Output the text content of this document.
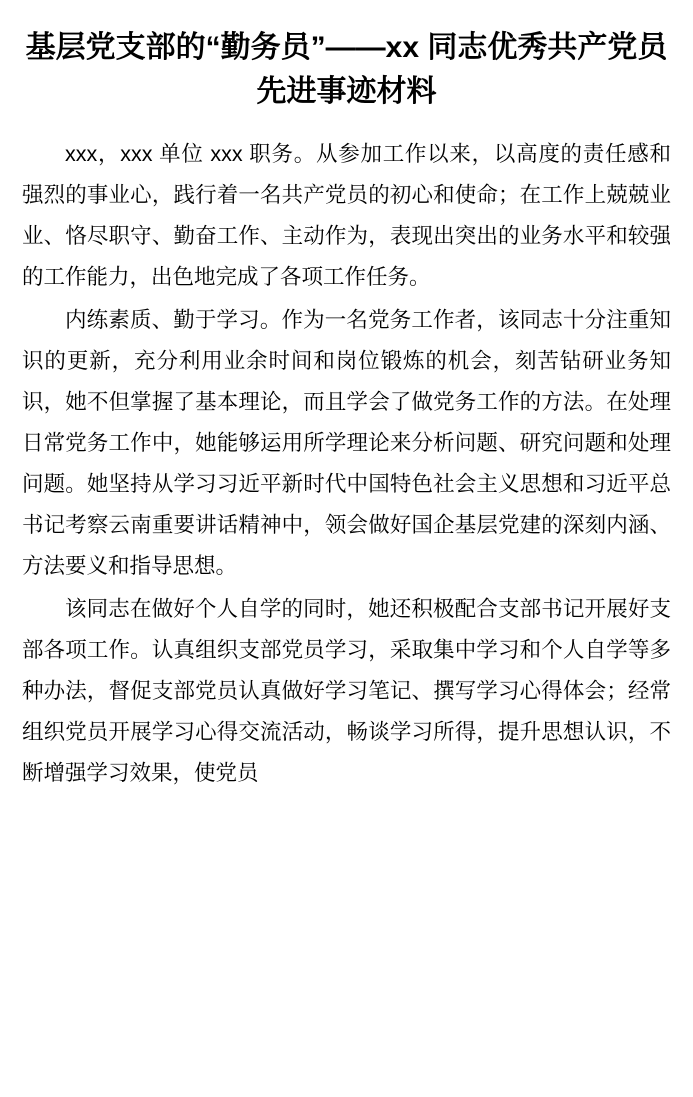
基层党支部的“勤务员”——xx 同志优秀共产党员先进事迹材料

xxx，xxx 单位 xxx 职务。从参加工作以来，以高度的责任感和强烈的事业心，践行着一名共产党员的初心和使命；在工作上兢兢业业、恪尽职守、勤奋工作、主动作为，表现出突出的业务水平和较强的工作能力，出色地完成了各项工作任务。

内练素质、勤于学习。作为一名党务工作者，该同志十分注重知识的更新，充分利用业余时间和岗位锻炼的机会，刻苦钻研业务知识，她不但掌握了基本理论，而且学会了做党务工作的方法。在处理日常党务工作中，她能够运用所学理论来分析问题、研究问题和处理问题。她坚持从学习习近平新时代中国特色社会主义思想和习近平总书记考察云南重要讲话精神中，领会做好国企基层党建的深刻内涵、方法要义和指导思想。

该同志在做好个人自学的同时，她还积极配合支部书记开展好支部各项工作。认真组织支部党员学习，采取集中学习和个人自学等多种办法，督促支部党员认真做好学习笔记、撰写学习心得体会；经常组织党员开展学习心得交流活动，畅谈学习所得，提升思想认识，不断增强学习效果，使党员
